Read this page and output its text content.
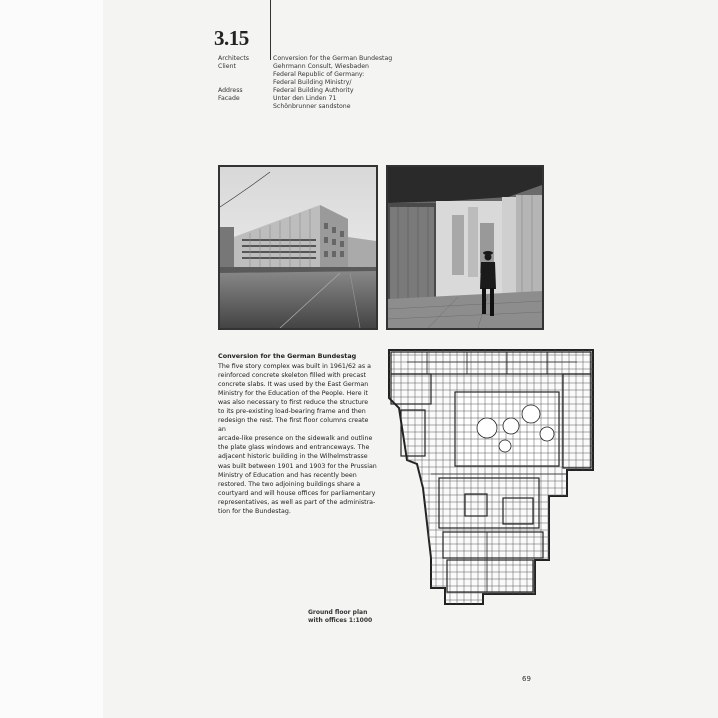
3.15
Architects
Client

Address
Facade
Conversion for the German Bundestag
Gehrmann Consult, Wiesbaden
Federal Republic of Germany:
Federal Building Ministry/
Federal Building Authority
Unter den Linden 71
Schönbrunner sandstone
Conversion for the German Bundestag
The five story complex was built in 1961/62 as a
reinforced concrete skeleton filled with precast
concrete slabs. It was used by the East German
Ministry for the Education of the People. Here it
was also necessary to first reduce the structure
to its pre-existing load-bearing frame and then
redesign the rest. The first floor columns create an
arcade-like presence on the sidewalk and outline
the plate glass windows and entranceways. The
adjacent historic building in the Wilhelmstrasse
was built between 1901 and 1903 for the Prussian
Ministry of Education and has recently been
restored. The two adjoining buildings share a
courtyard and will house offices for parliamentary
representatives, as well as part of the administra-
tion for the Bundestag.
Ground floor plan
with offices 1:1000
69
